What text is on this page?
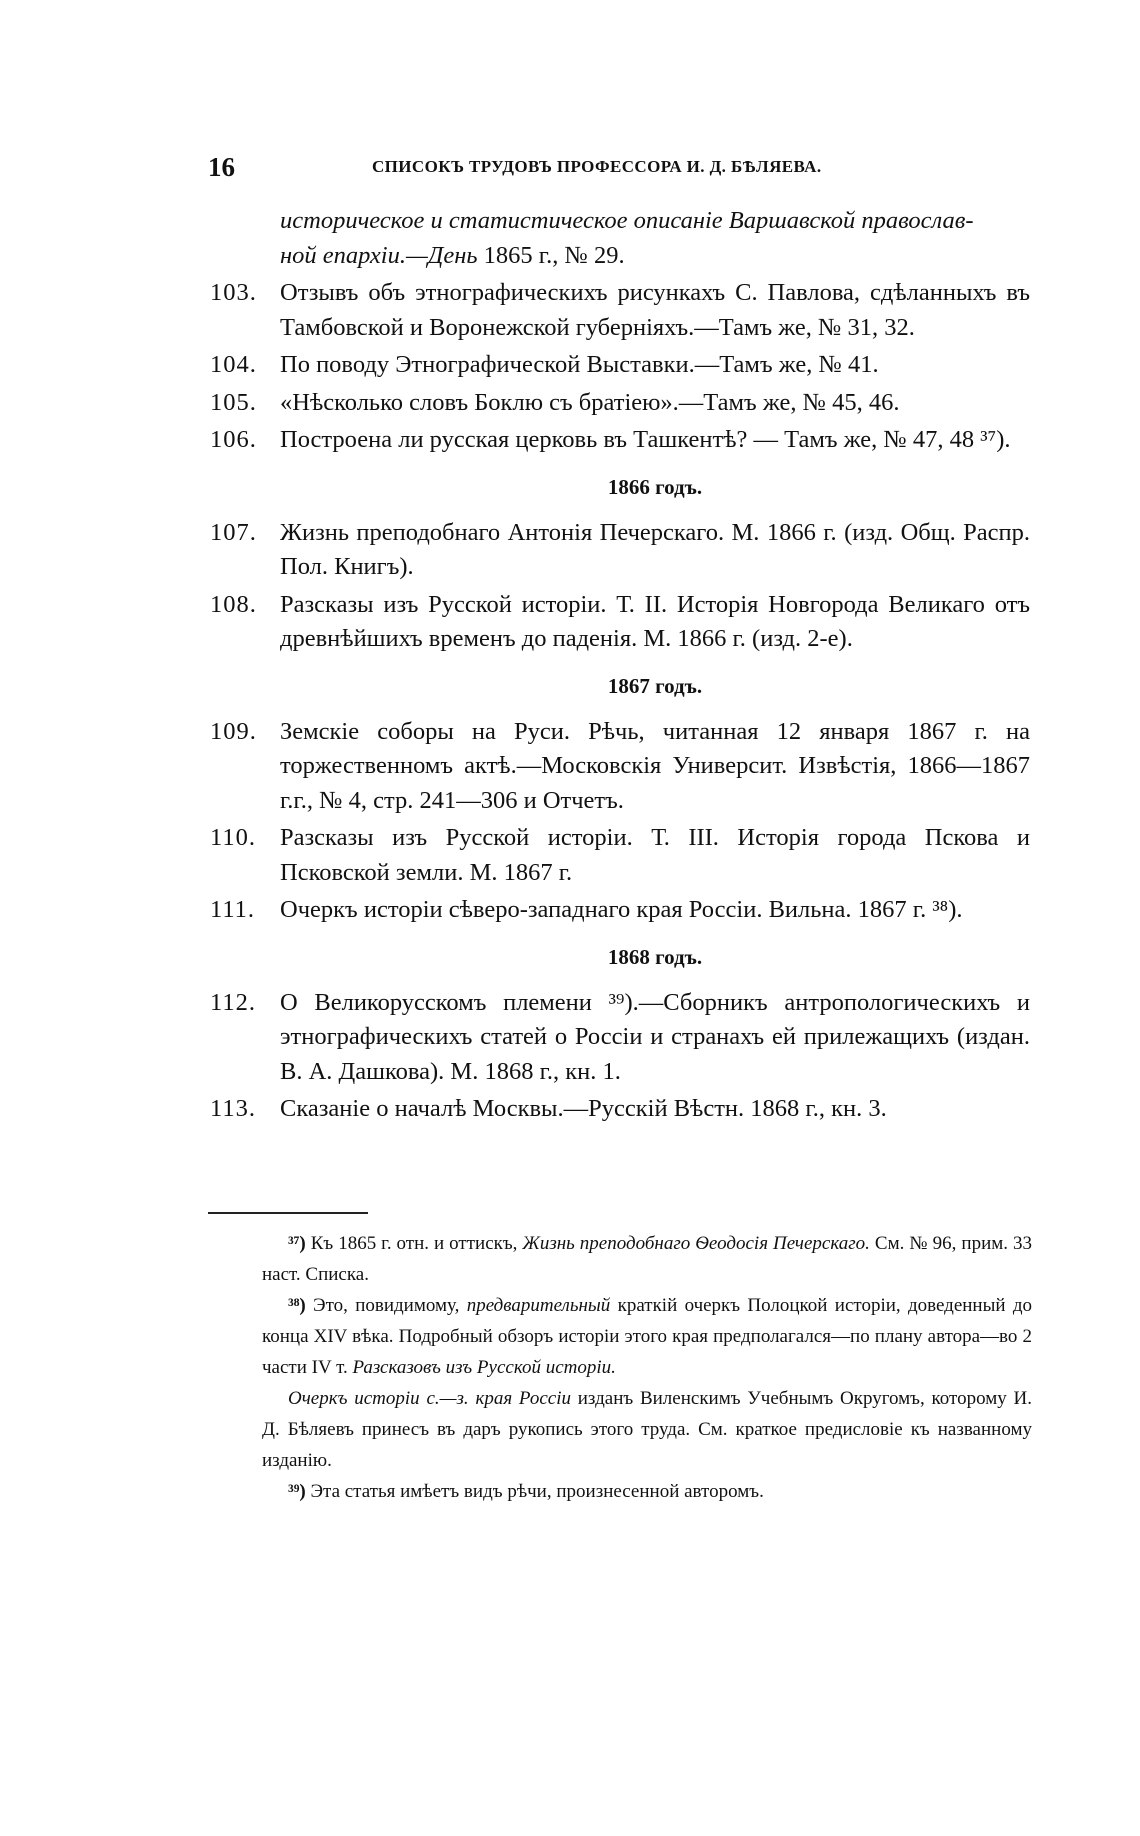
16	СПИСОКЪ ТРУДОВЪ ПРОФЕССОРА И. Д. БѢЛЯЕВА.
историческое и статистическое описаніе Варшавской православ-
ной епархіи.—День 1865 г., № 29.
103. Отзывъ объ этнографическихъ рисункахъ С. Павлова, сдѣланныхъ въ Тамбовской и Воронежской губерніяхъ.—Тамъ же, № 31, 32.
104. По поводу Этнографической Выставки.—Тамъ же, № 41.
105. «Нѣсколько словъ Боклю съ братіею».—Тамъ же, № 45, 46.
106. Построена ли русская церковь въ Ташкентѣ? — Тамъ же, № 47, 48 ³⁷).
1866 годъ.
107. Жизнь преподобнаго Антонія Печерскаго. М. 1866 г. (изд. Общ. Распр. Пол. Книгъ).
108. Разсказы изъ Русской исторіи. Т. II. Исторія Новгорода Великаго отъ древнѣйшихъ временъ до паденія. М. 1866 г. (изд. 2-е).
1867 годъ.
109. Земскіе соборы на Руси. Рѣчь, читанная 12 января 1867 г. на торжественномъ актѣ.—Московскія Университ. Извѣстія, 1866—1867 г.г., № 4, стр. 241—306 и Отчетъ.
110. Разсказы изъ Русской исторіи. Т. III. Исторія города Пскова и Псковской земли. М. 1867 г.
111. Очеркъ исторіи сѣверо-западнаго края Россіи. Вильна. 1867 г. ³⁸).
1868 годъ.
112. О Великорусскомъ племени ³⁹).—Сборникъ антропологическихъ и этнографическихъ статей о Россіи и странахъ ей прилежащихъ (издан. В. А. Дашкова). М. 1868 г., кн. 1.
113. Сказаніе о началѣ Москвы.—Русскій Вѣстн. 1868 г., кн. 3.
³⁷) Къ 1865 г. отн. и оттискъ, Жизнь преподобнаго Ѳеодосія Печерскаго. См. № 96, прим. 33 наст. Списка.
³⁸) Это, повидимому, предварительный краткій очеркъ Полоцкой исторіи, доведенный до конца XIV вѣка. Подробный обзоръ исторіи этого края предполагался—по плану автора—во 2 части IV т. Разсказовъ изъ Русской исторіи.
Очеркъ исторіи с.—з. края Россіи изданъ Виленскимъ Учебнымъ Округомъ, которому И. Д. Бѣляевъ принесъ въ даръ рукопись этого труда. См. краткое предисловіе къ названному изданію.
³⁹) Эта статья имѣетъ видъ рѣчи, произнесенной авторомъ.
